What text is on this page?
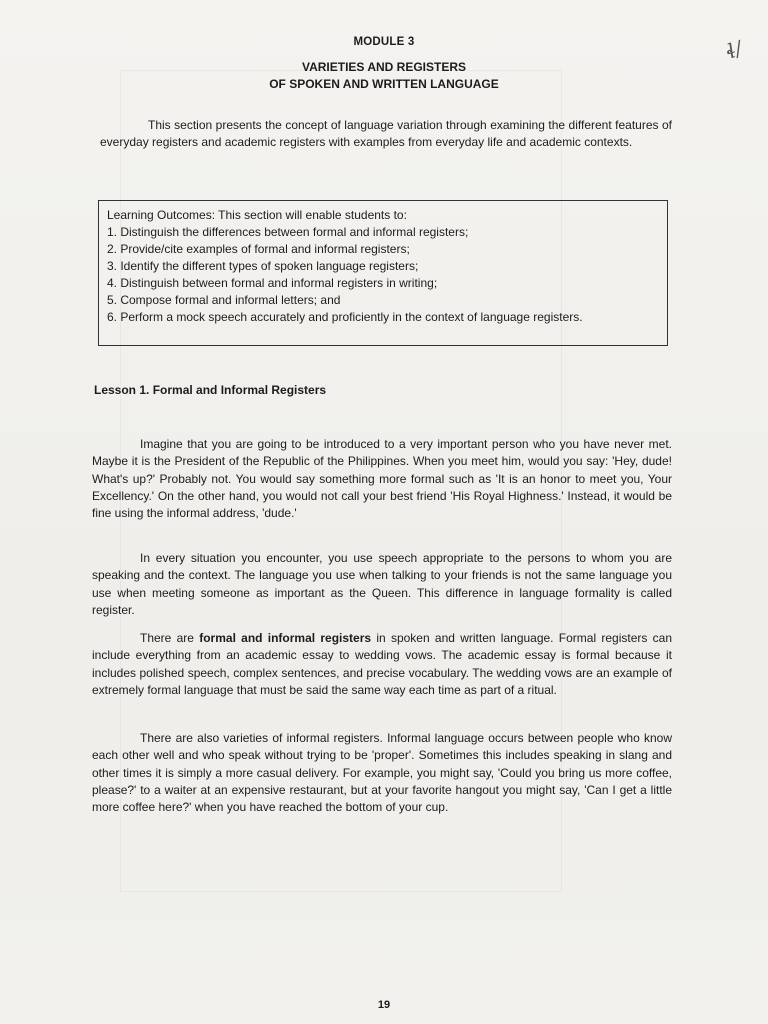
ɬ/
MODULE 3
VARIETIES AND REGISTERS
OF SPOKEN AND WRITTEN LANGUAGE

This section presents the concept of language variation through examining the different features of everyday registers and academic registers with examples from everyday life and academic contexts.

Learning Outcomes: This section will enable students to:

1. Distinguish the differences between formal and informal registers;
2. Provide/cite examples of formal and informal registers;
3. Identify the different types of spoken language registers;
4. Distinguish between formal and informal registers in writing;
5. Compose formal and informal letters; and
6. Perform a mock speech accurately and proficiently in the context of language registers.
Lesson 1. Formal and Informal Registers

Imagine that you are going to be introduced to a very important person who you have never met. Maybe it is the President of the Republic of the Philippines. When you meet him, would you say: 'Hey, dude! What's up?' Probably not. You would say something more formal such as 'It is an honor to meet you, Your Excellency.' On the other hand, you would not call your best friend 'His Royal Highness.' Instead, it would be fine using the informal address, 'dude.'

In every situation you encounter, you use speech appropriate to the persons to whom you are speaking and the context. The language you use when talking to your friends is not the same language you use when meeting someone as important as the Queen. This difference in language formality is called register.

There are formal and informal registers in spoken and written language. Formal registers can include everything from an academic essay to wedding vows. The academic essay is formal because it includes polished speech, complex sentences, and precise vocabulary. The wedding vows are an example of extremely formal language that must be said the same way each time as part of a ritual.

There are also varieties of informal registers. Informal language occurs between people who know each other well and who speak without trying to be 'proper'. Sometimes this includes speaking in slang and other times it is simply a more casual delivery. For example, you might say, 'Could you bring us more coffee, please?' to a waiter at an expensive restaurant, but at your favorite hangout you might say, 'Can I get a little more coffee here?' when you have reached the bottom of your cup.

19
